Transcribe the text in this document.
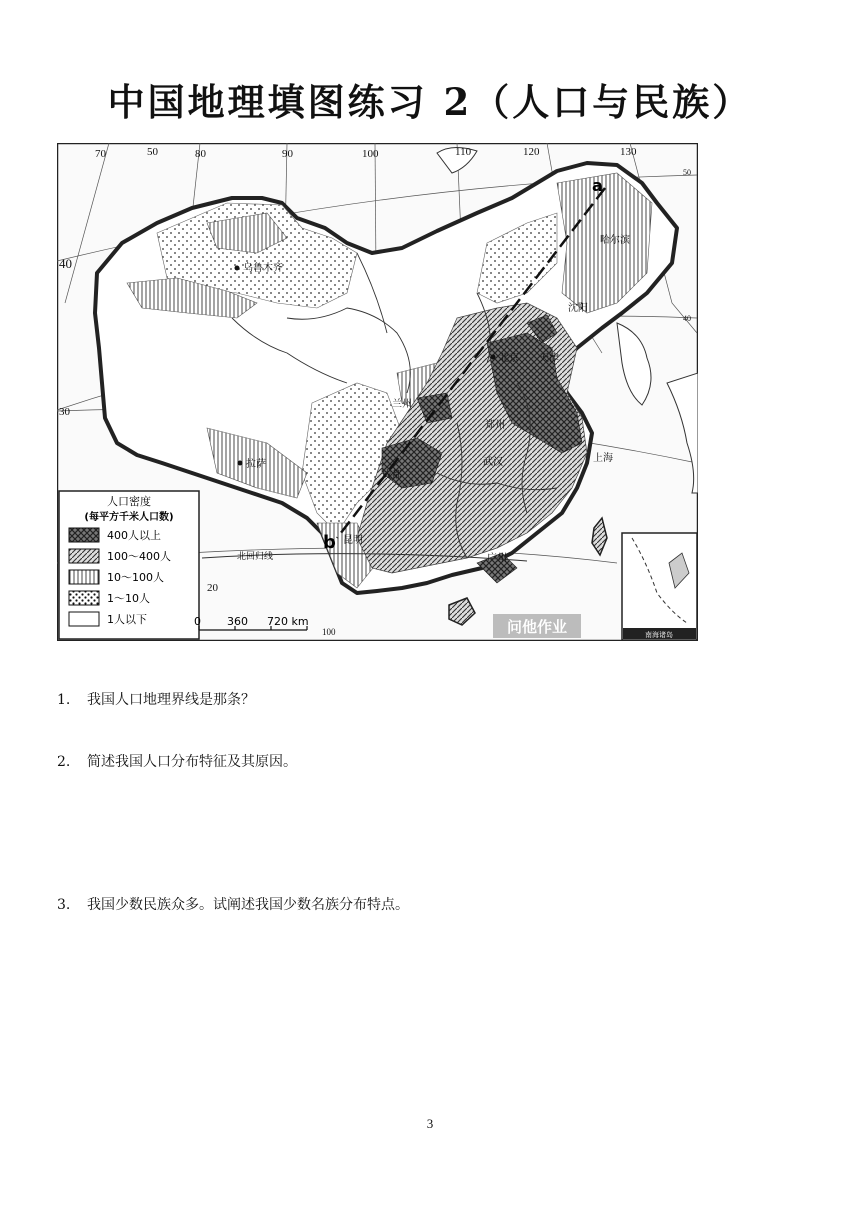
中国地理填图练习 2（人口与民族）
a
b
北回归线
70	50	80	90	100	110	120	130
50
40
40
30
20
100
乌鲁木齐
哈尔滨
沈阳
北京 天津
兰州
郑州
拉萨
成都
武汉	上海
昆明
广州
南海诸岛
人口密度
(每平方千米人口数)
400人以上
100～400人
10～100人
1～10人
1人以下	0 360 720 km	问他作业
1. 我国人口地理界线是那条？
2. 简述我国人口分布特征及其原因。
3. 我国少数民族众多。试阐述我国少数名族分布特点。
3
